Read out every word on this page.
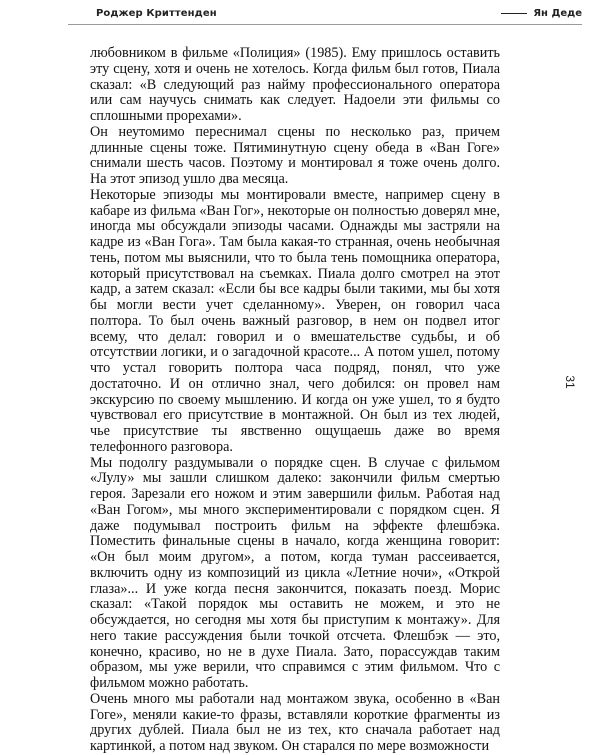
Роджер Криттенден	Ян Деде

любовником в фильме «Полиция» (1985). Ему пришлось оставить эту сцену, хотя и очень не хотелось. Когда фильм был готов, Пиала сказал: «В следующий раз найму профессионального оператора или сам научусь снимать как следует. Надоели эти фильмы со сплошными прорехами».

Он неутомимо переснимал сцены по несколько раз, причем длинные сцены тоже. Пятиминутную сцену обеда в «Ван Гоге» снимали шесть часов. Поэтому и монтировал я тоже очень долго. На этот эпизод ушло два месяца.

Некоторые эпизоды мы монтировали вместе, например сцену в кабаре из фильма «Ван Гог», некоторые он полностью доверял мне, иногда мы обсуждали эпизоды часами. Однажды мы застряли на кадре из «Ван Гога». Там была какая-то странная, очень необычная тень, потом мы выяснили, что то была тень помощника оператора, который присутствовал на съемках. Пиала долго смотрел на этот кадр, а затем сказал: «Если бы все кадры были такими, мы бы хотя бы могли вести учет сделанному». Уверен, он говорил часа полтора. То был очень важный разговор, в нем он подвел итог всему, что делал: говорил и о вмешательстве судьбы, и об отсутствии логики, и о загадочной красоте... А потом ушел, потому что устал говорить полтора часа подряд, понял, что уже достаточно. И он отлично знал, чего добился: он провел нам экскурсию по своему мышлению. И когда он уже ушел, то я будто чувствовал его присутствие в монтажной. Он был из тех людей, чье присутствие ты явственно ощущаешь даже во время телефонного разговора.

Мы подолгу раздумывали о порядке сцен. В случае с фильмом «Лулу» мы зашли слишком далеко: закончили фильм смертью героя. Зарезали его ножом и этим завершили фильм. Работая над «Ван Гогом», мы много экспериментировали с порядком сцен. Я даже подумывал построить фильм на эффекте флешбэка. Поместить финальные сцены в начало, когда женщина говорит: «Он был моим другом», а потом, когда туман рассеивается, включить одну из композиций из цикла «Летние ночи», «Открой глаза»... И уже когда песня закончится, показать поезд. Морис сказал: «Такой порядок мы оставить не можем, и это не обсуждается, но сегодня мы хотя бы приступим к монтажу». Для него такие рассуждения были точкой отсчета. Флешбэк — это, конечно, красиво, но не в духе Пиала. Зато, порассуждав таким образом, мы уже верили, что справимся с этим фильмом. Что с фильмом можно работать.

Очень много мы работали над монтажом звука, особенно в «Ван Гоге», меняли какие-то фразы, вставляли короткие фрагменты из других дублей. Пиала был не из тех, кто сначала работает над картинкой, а потом над звуком. Он старался по мере возможности

31
